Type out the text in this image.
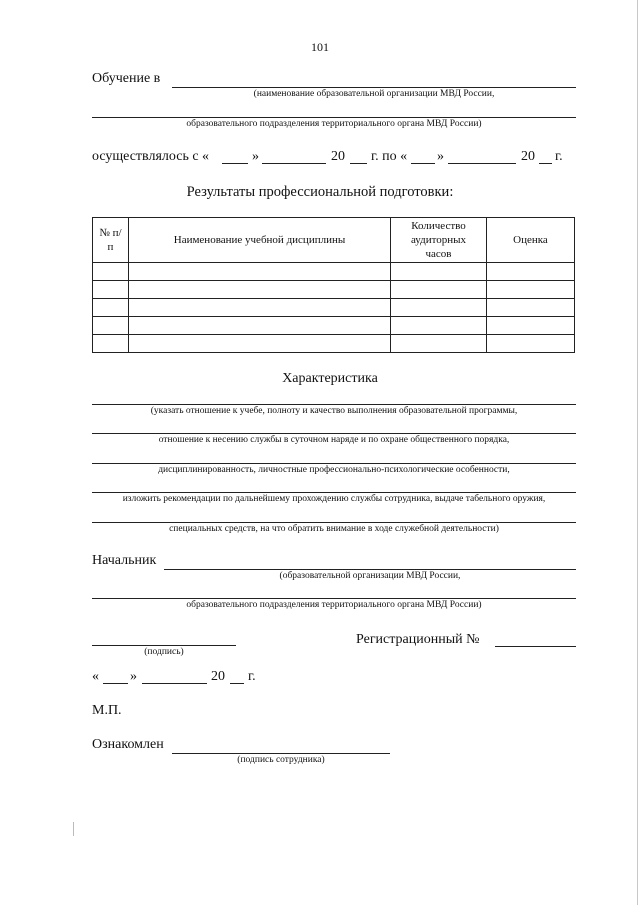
101
Обучение в
(наименование образовательной организации МВД России,
образовательного подразделения территориального органа МВД России)
осуществлялось с «	»	20 г. по « »	20 г.
Результаты профессиональной подготовки:
№ п/п	Наименование учебной дисциплины	Количество аудиторных часов	Оценка

Характеристика
(указать отношение к учебе, полноту и качество выполнения образовательной программы,
отношение к несению службы в суточном наряде и по охране общественного порядка,
дисциплинированность, личностные профессионально-психологические особенности,
изложить рекомендации по дальнейшему прохождению службы сотрудника, выдаче табельного оружия,
специальных средств, на что обратить внимание в ходе служебной деятельности)
Начальник
(образовательной организации МВД России,
образовательного подразделения территориального органа МВД России)
(подпись)
Регистрационный №
« »	20 г.
М.П.
Ознакомлен
(подпись сотрудника)
